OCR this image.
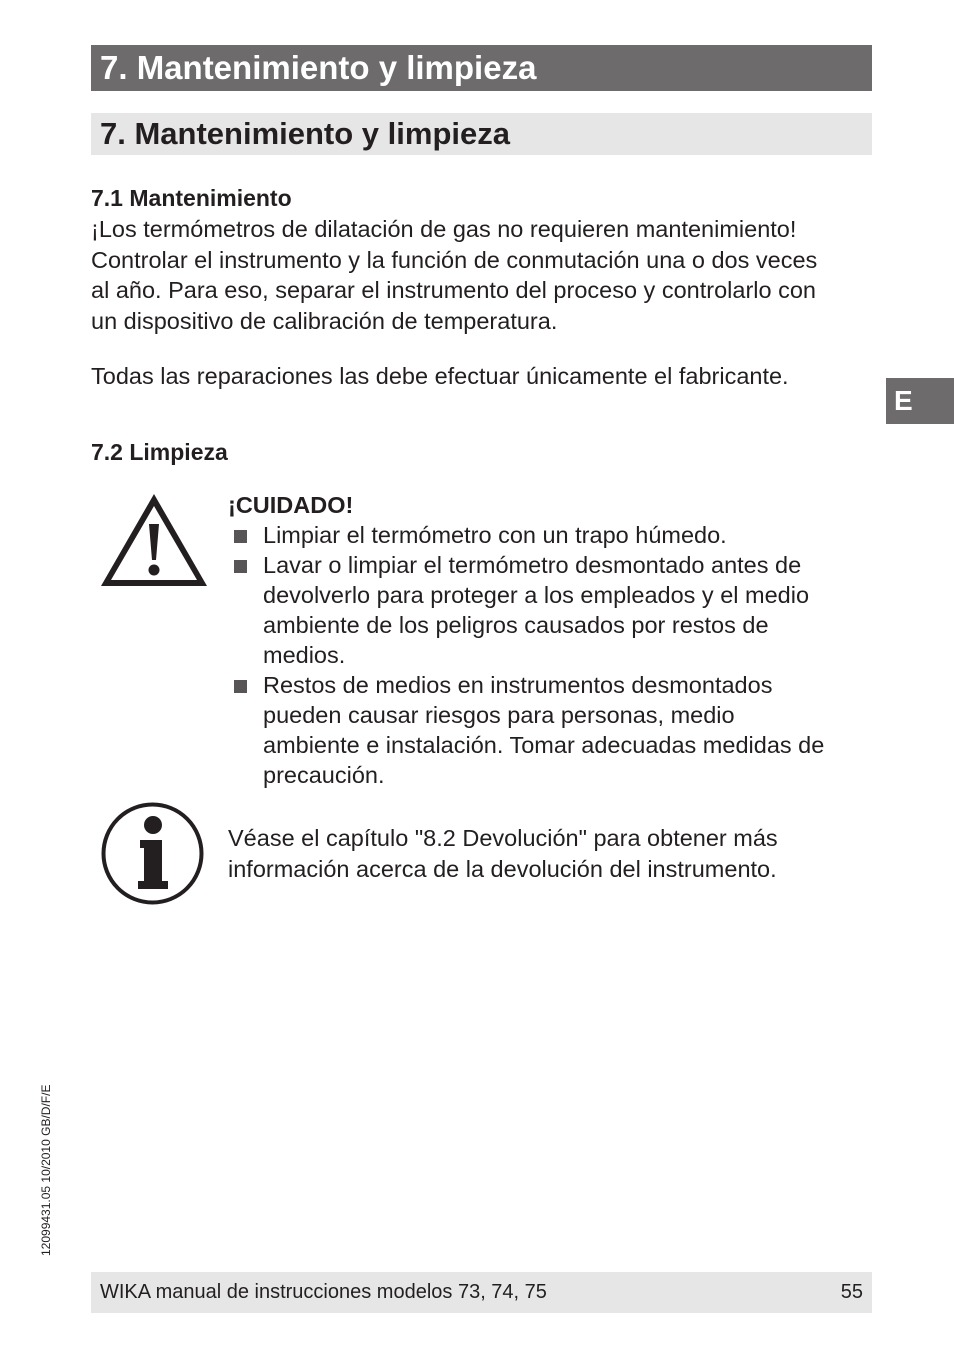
7. Mantenimiento y limpieza
7. Mantenimiento y limpieza
E
7.1 Mantenimiento
¡Los termómetros de dilatación de gas no requieren mantenimiento!
Controlar el instrumento y la función de conmutación una o dos veces
al año. Para eso, separar el instrumento del proceso y controlarlo con
un dispositivo de calibración de temperatura.
Todas las reparaciones las debe efectuar únicamente el fabricante.
7.2 Limpieza
¡CUIDADO!
Limpiar el termómetro con un trapo húmedo.
Lavar o limpiar el termómetro desmontado antes de
devolverlo para proteger a los empleados y el medio
ambiente de los peligros causados por restos de
medios.
Restos de medios en instrumentos desmontados
pueden causar riesgos para personas, medio
ambiente e instalación. Tomar adecuadas medidas de
precaución.
Véase el capítulo "8.2 Devolución" para obtener más
información acerca de la devolución del instrumento.
12099431.05 10/2010 GB/D/F/E
WIKA manual de instrucciones modelos 73, 74, 75	55
